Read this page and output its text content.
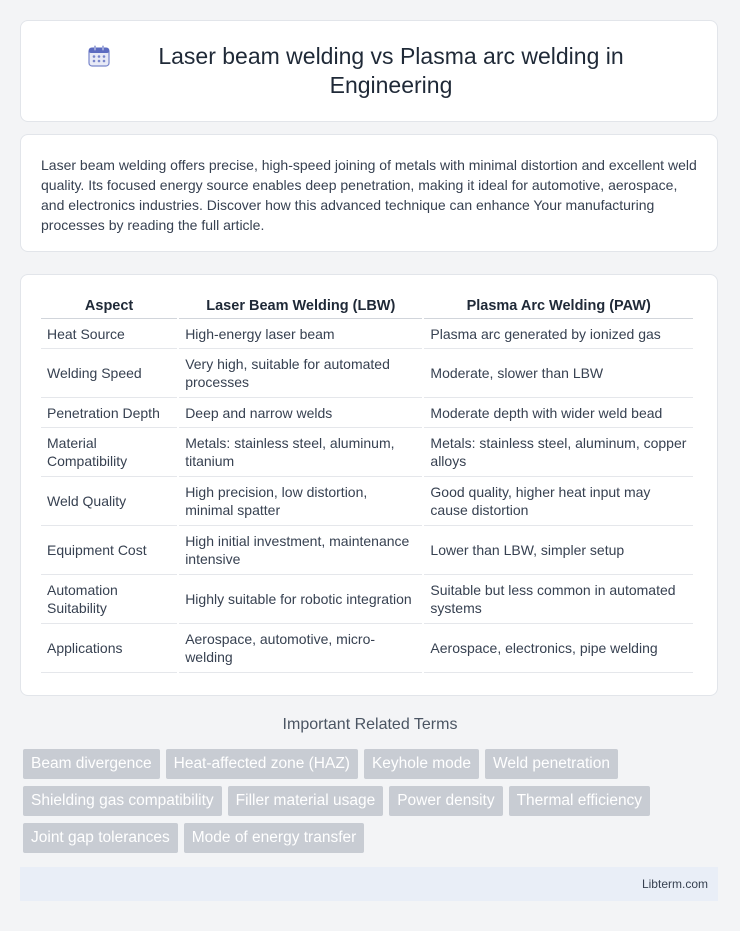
Laser beam welding vs Plasma arc welding in Engineering

Laser beam welding offers precise, high-speed joining of metals with minimal distortion and excellent weld quality. Its focused energy source enables deep penetration, making it ideal for automotive, aerospace, and electronics industries. Discover how this advanced technique can enhance Your manufacturing processes by reading the full article.

Aspect	Laser Beam Welding (LBW)	Plasma Arc Welding (PAW)
Heat Source	High-energy laser beam	Plasma arc generated by ionized gas
Welding Speed	Very high, suitable for automated processes	Moderate, slower than LBW
Penetration Depth	Deep and narrow welds	Moderate depth with wider weld bead
Material Compatibility	Metals: stainless steel, aluminum, titanium	Metals: stainless steel, aluminum, copper alloys
Weld Quality	High precision, low distortion, minimal spatter	Good quality, higher heat input may cause distortion
Equipment Cost	High initial investment, maintenance intensive	Lower than LBW, simpler setup
Automation Suitability	Highly suitable for robotic integration	Suitable but less common in automated systems
Applications	Aerospace, automotive, micro-welding	Aerospace, electronics, pipe welding
Important Related Terms
Beam divergence	Heat-affected zone (HAZ)	Keyhole mode	Weld penetration
Shielding gas compatibility	Filler material usage	Power density	Thermal efficiency
Joint gap tolerances	Mode of energy transfer
Libterm.com
